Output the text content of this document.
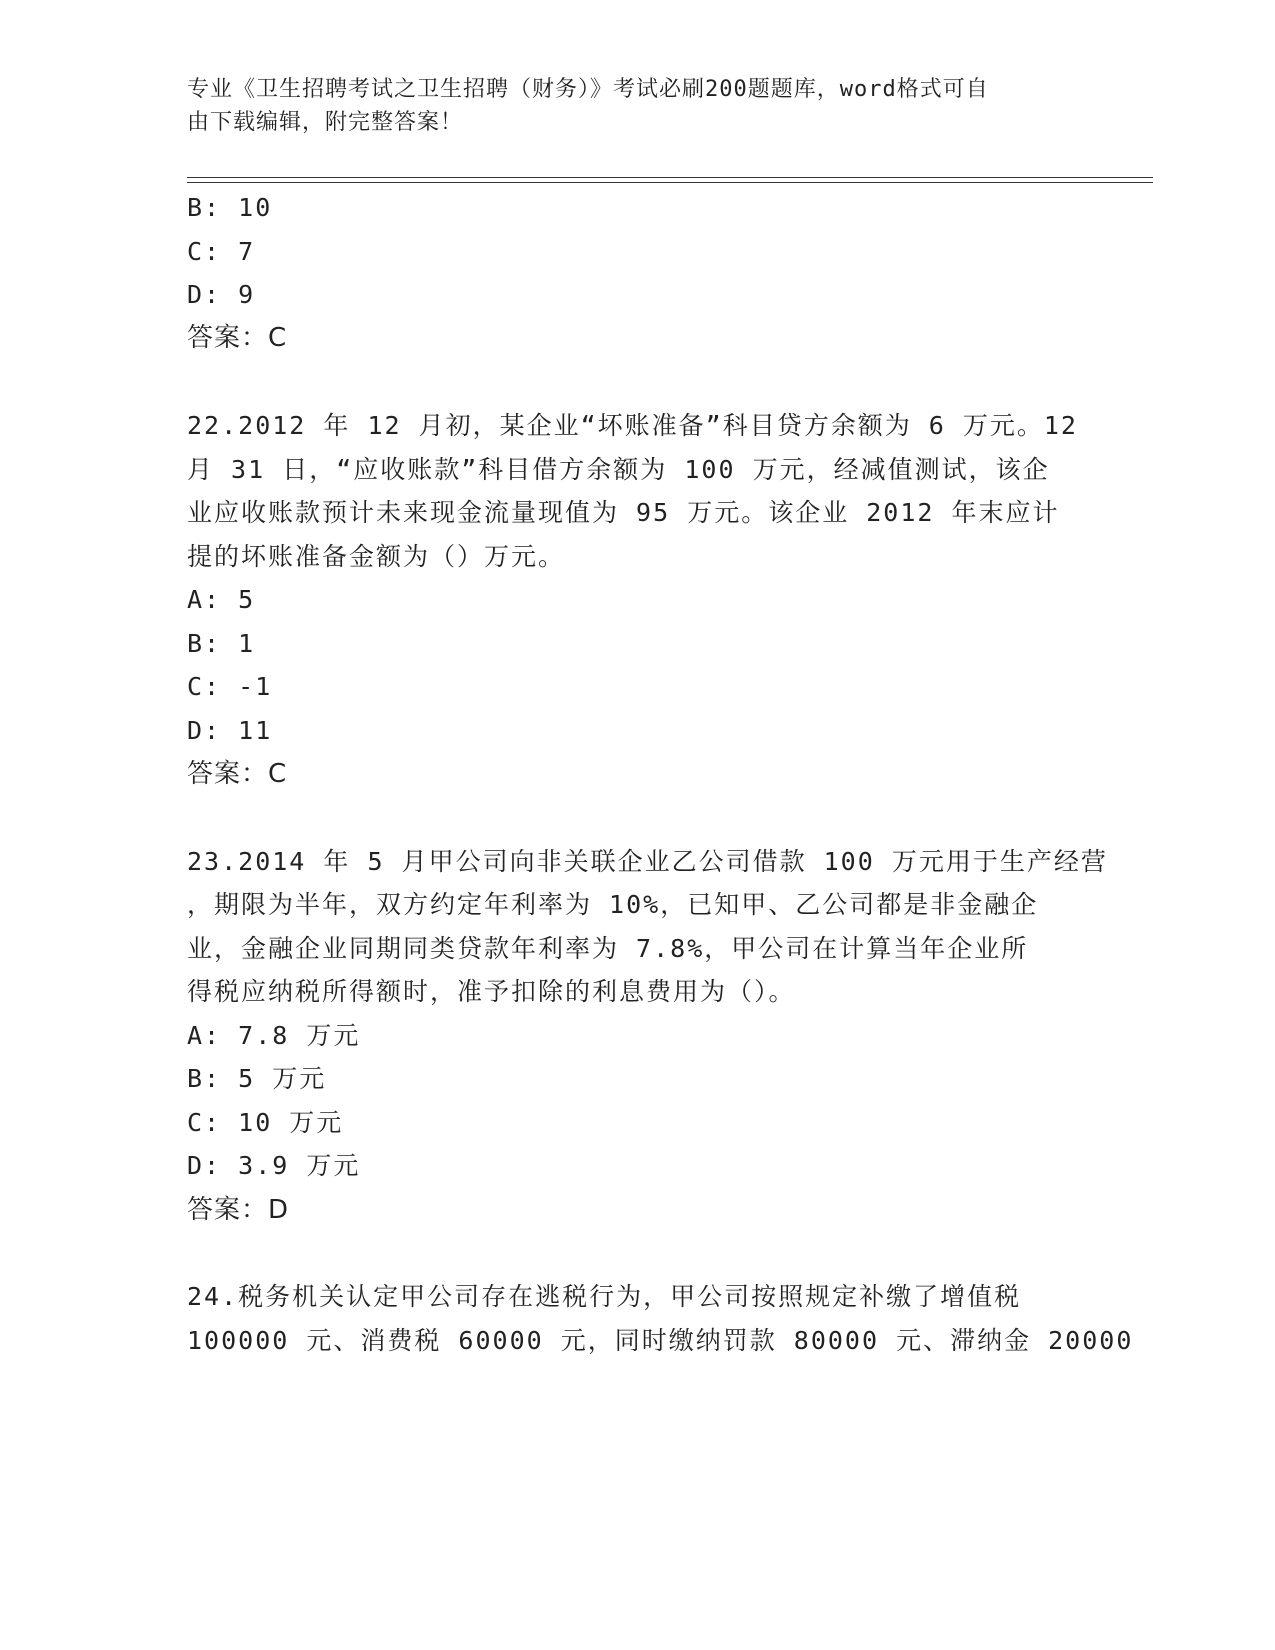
专业《卫生招聘考试之卫生招聘（财务）》考试必刷200题题库，word格式可自
由下载编辑，附完整答案！
B: 10
C: 7
D: 9
答案：C
22.2012 年 12 月初，某企业“坏账准备”科目贷方余额为 6 万元。12
月 31 日，“应收账款”科目借方余额为 100 万元，经减值测试，该企
业应收账款预计未来现金流量现值为 95 万元。该企业 2012 年末应计
提的坏账准备金额为（）万元。
A: 5
B: 1
C: -1
D: 11
答案：C
23.2014 年 5 月甲公司向非关联企业乙公司借款 100 万元用于生产经营
，期限为半年，双方约定年利率为 10%，已知甲、乙公司都是非金融企
业，金融企业同期同类贷款年利率为 7.8%，甲公司在计算当年企业所
得税应纳税所得额时，准予扣除的利息费用为（）。
A: 7.8 万元
B: 5 万元
C: 10 万元
D: 3.9 万元
答案：D
24.税务机关认定甲公司存在逃税行为，甲公司按照规定补缴了增值税
100000 元、消费税 60000 元，同时缴纳罚款 80000 元、滞纳金 20000
